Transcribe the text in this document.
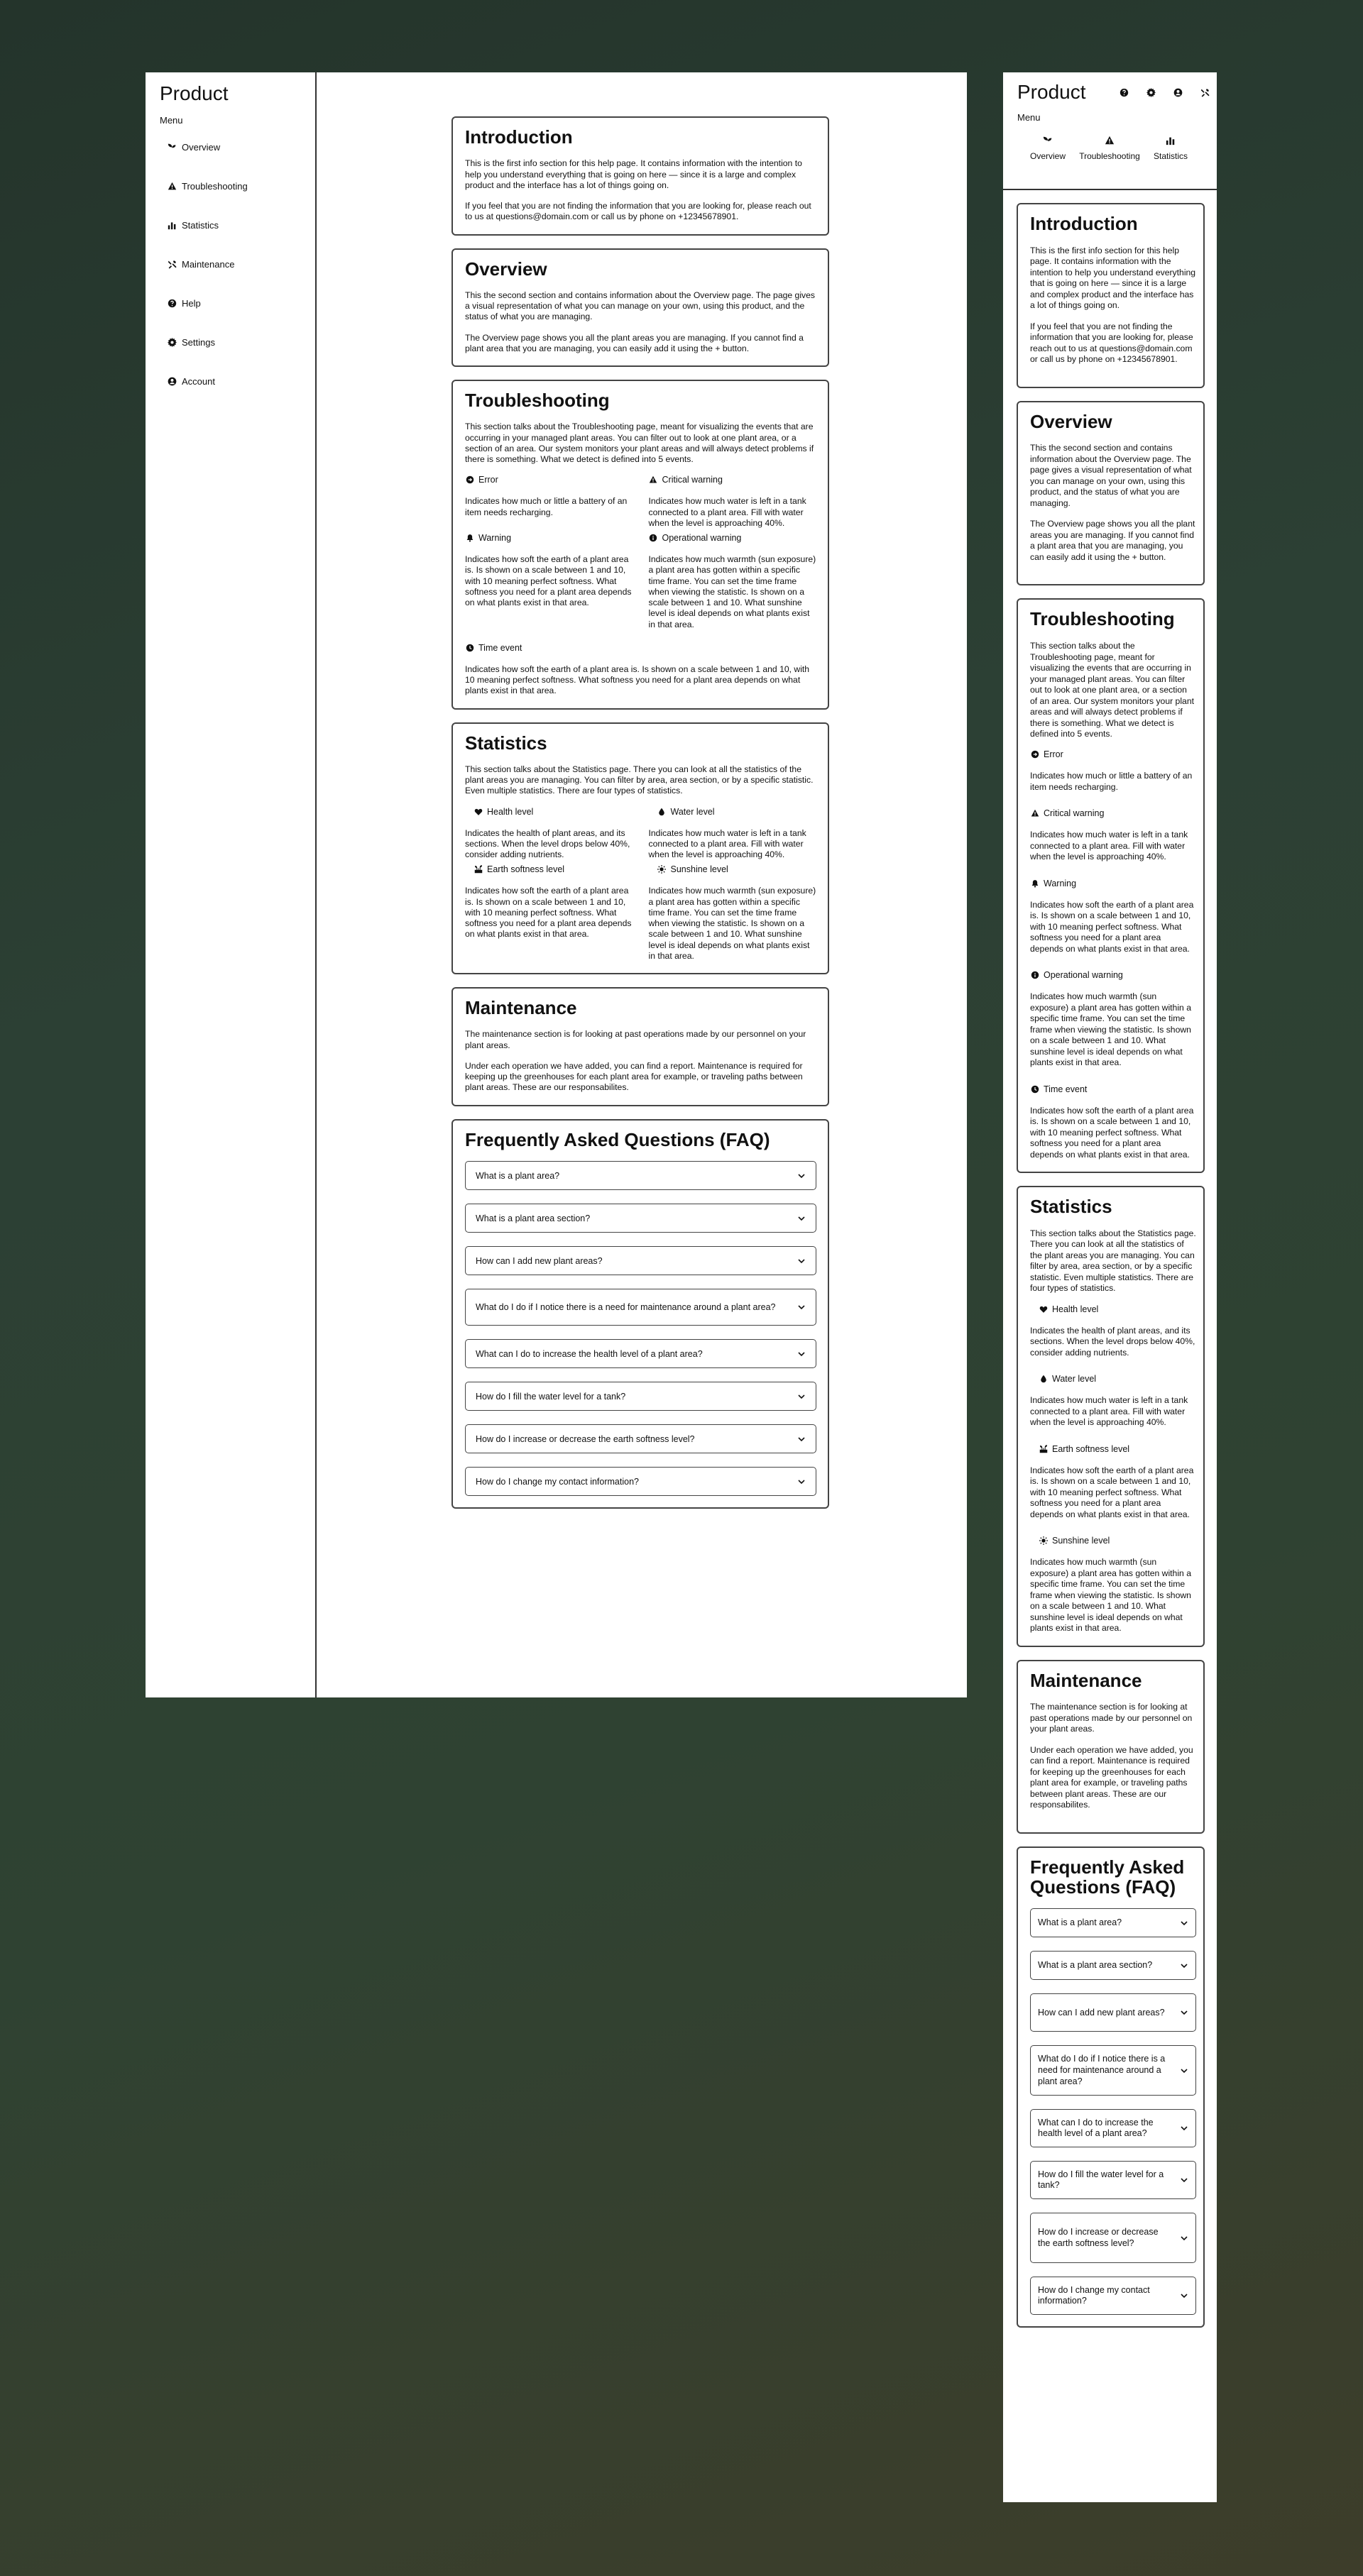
Product
Menu
Overview
Troubleshooting
Statistics
Maintenance
Help
Settings
Account
Introduction

This is the first info section for this help page. It contains information with the intention to help you understand everything that is going on here — since it is a large and complex product and the interface has a lot of things going on.

If you feel that you are not finding the information that you are looking for, please reach out to us at questions@domain.com or call us by phone on +12345678901.

Overview

This the second section and contains information about the Overview page. The page gives a visual representation of what you can manage on your own, using this product, and the status of what you are managing.

The Overview page shows you all the plant areas you are managing. If you cannot find a plant area that you are managing, you can easily add it using the + button.

Troubleshooting

This section talks about the Troubleshooting page, meant for visualizing the events that are occurring in your managed plant areas. You can filter out to look at one plant area, or a section of an area. Our system monitors your plant areas and will always detect problems if there is something. What we detect is defined into 5 events.

Error

Indicates how much or little a battery of an item needs recharging.

Critical warning

Indicates how much water is left in a tank connected to a plant area. Fill with water when the level is approaching 40%.

Warning

Indicates how soft the earth of a plant area is. Is shown on a scale between 1 and 10, with 10 meaning perfect softness. What softness you need for a plant area depends on what plants exist in that area.

Operational warning

Indicates how much warmth (sun exposure) a plant area has gotten within a specific time frame. You can set the time frame when viewing the statistic. Is shown on a scale between 1 and 10. What sunshine level is ideal depends on what plants exist in that area.

Time event

Indicates how soft the earth of a plant area is. Is shown on a scale between 1 and 10, with 10 meaning perfect softness. What softness you need for a plant area depends on what plants exist in that area.

Statistics

This section talks about the Statistics page. There you can look at all the statistics of the plant areas you are managing. You can filter by area, area section, or by a specific statistic. Even multiple statistics. There are four types of statistics.

Health level

Indicates the health of plant areas, and its sections. When the level drops below 40%, consider adding nutrients.

Water level

Indicates how much water is left in a tank connected to a plant area. Fill with water when the level is approaching 40%.

Earth softness level

Indicates how soft the earth of a plant area is. Is shown on a scale between 1 and 10, with 10 meaning perfect softness. What softness you need for a plant area depends on what plants exist in that area.

Sunshine level

Indicates how much warmth (sun exposure) a plant area has gotten within a specific time frame. You can set the time frame when viewing the statistic. Is shown on a scale between 1 and 10. What sunshine level is ideal depends on what plants exist in that area.

Maintenance

The maintenance section is for looking at past operations made by our personnel on your plant areas.

Under each operation we have added, you can find a report. Maintenance is required for keeping up the greenhouses for each plant area for example, or traveling paths between plant areas. These are our responsabilites.

Frequently Asked Questions (FAQ)
What is a plant area?
What is a plant area section?
How can I add new plant areas?
What do I do if I notice there is a need for maintenance around a plant area?
What can I do to increase the health level of a plant area?
How do I fill the water level for a tank?
How do I increase or decrease the earth softness level?
How do I change my contact information?
Product
Menu
Overview Troubleshooting Statistics
Introduction

This is the first info section for this help page. It contains information with the intention to help you understand everything that is going on here — since it is a large and complex product and the interface has a lot of things going on.

If you feel that you are not finding the information that you are looking for, please reach out to us at questions@domain.com or call us by phone on +12345678901.

Overview

This the second section and contains information about the Overview page. The page gives a visual representation of what you can manage on your own, using this product, and the status of what you are managing.

The Overview page shows you all the plant areas you are managing. If you cannot find a plant area that you are managing, you can easily add it using the + button.

Troubleshooting

This section talks about the Troubleshooting page, meant for visualizing the events that are occurring in your managed plant areas. You can filter out to look at one plant area, or a section of an area. Our system monitors your plant areas and will always detect problems if there is something. What we detect is defined into 5 events.

Error

Indicates how much or little a battery of an item needs recharging.

Critical warning

Indicates how much water is left in a tank connected to a plant area. Fill with water when the level is approaching 40%.

Warning

Indicates how soft the earth of a plant area is. Is shown on a scale between 1 and 10, with 10 meaning perfect softness. What softness you need for a plant area depends on what plants exist in that area.

Operational warning

Indicates how much warmth (sun exposure) a plant area has gotten within a specific time frame. You can set the time frame when viewing the statistic. Is shown on a scale between 1 and 10. What sunshine level is ideal depends on what plants exist in that area.

Time event

Indicates how soft the earth of a plant area is. Is shown on a scale between 1 and 10, with 10 meaning perfect softness. What softness you need for a plant area depends on what plants exist in that area.

Statistics

This section talks about the Statistics page. There you can look at all the statistics of the plant areas you are managing. You can filter by area, area section, or by a specific statistic. Even multiple statistics. There are four types of statistics.

Health level

Indicates the health of plant areas, and its sections. When the level drops below 40%, consider adding nutrients.

Water level

Indicates how much water is left in a tank connected to a plant area. Fill with water when the level is approaching 40%.

Earth softness level

Indicates how soft the earth of a plant area is. Is shown on a scale between 1 and 10, with 10 meaning perfect softness. What softness you need for a plant area depends on what plants exist in that area.

Sunshine level

Indicates how much warmth (sun exposure) a plant area has gotten within a specific time frame. You can set the time frame when viewing the statistic. Is shown on a scale between 1 and 10. What sunshine level is ideal depends on what plants exist in that area.

Maintenance

The maintenance section is for looking at past operations made by our personnel on your plant areas.

Under each operation we have added, you can find a report. Maintenance is required for keeping up the greenhouses for each plant area for example, or traveling paths between plant areas. These are our responsabilites.

Frequently Asked Questions (FAQ)
What is a plant area?
What is a plant area section?
How can I add new plant areas?
What do I do if I notice there is a need for maintenance around a plant area?
What can I do to increase the health level of a plant area?
How do I fill the water level for a tank?
How do I increase or decrease the earth softness level?
How do I change my contact information?
